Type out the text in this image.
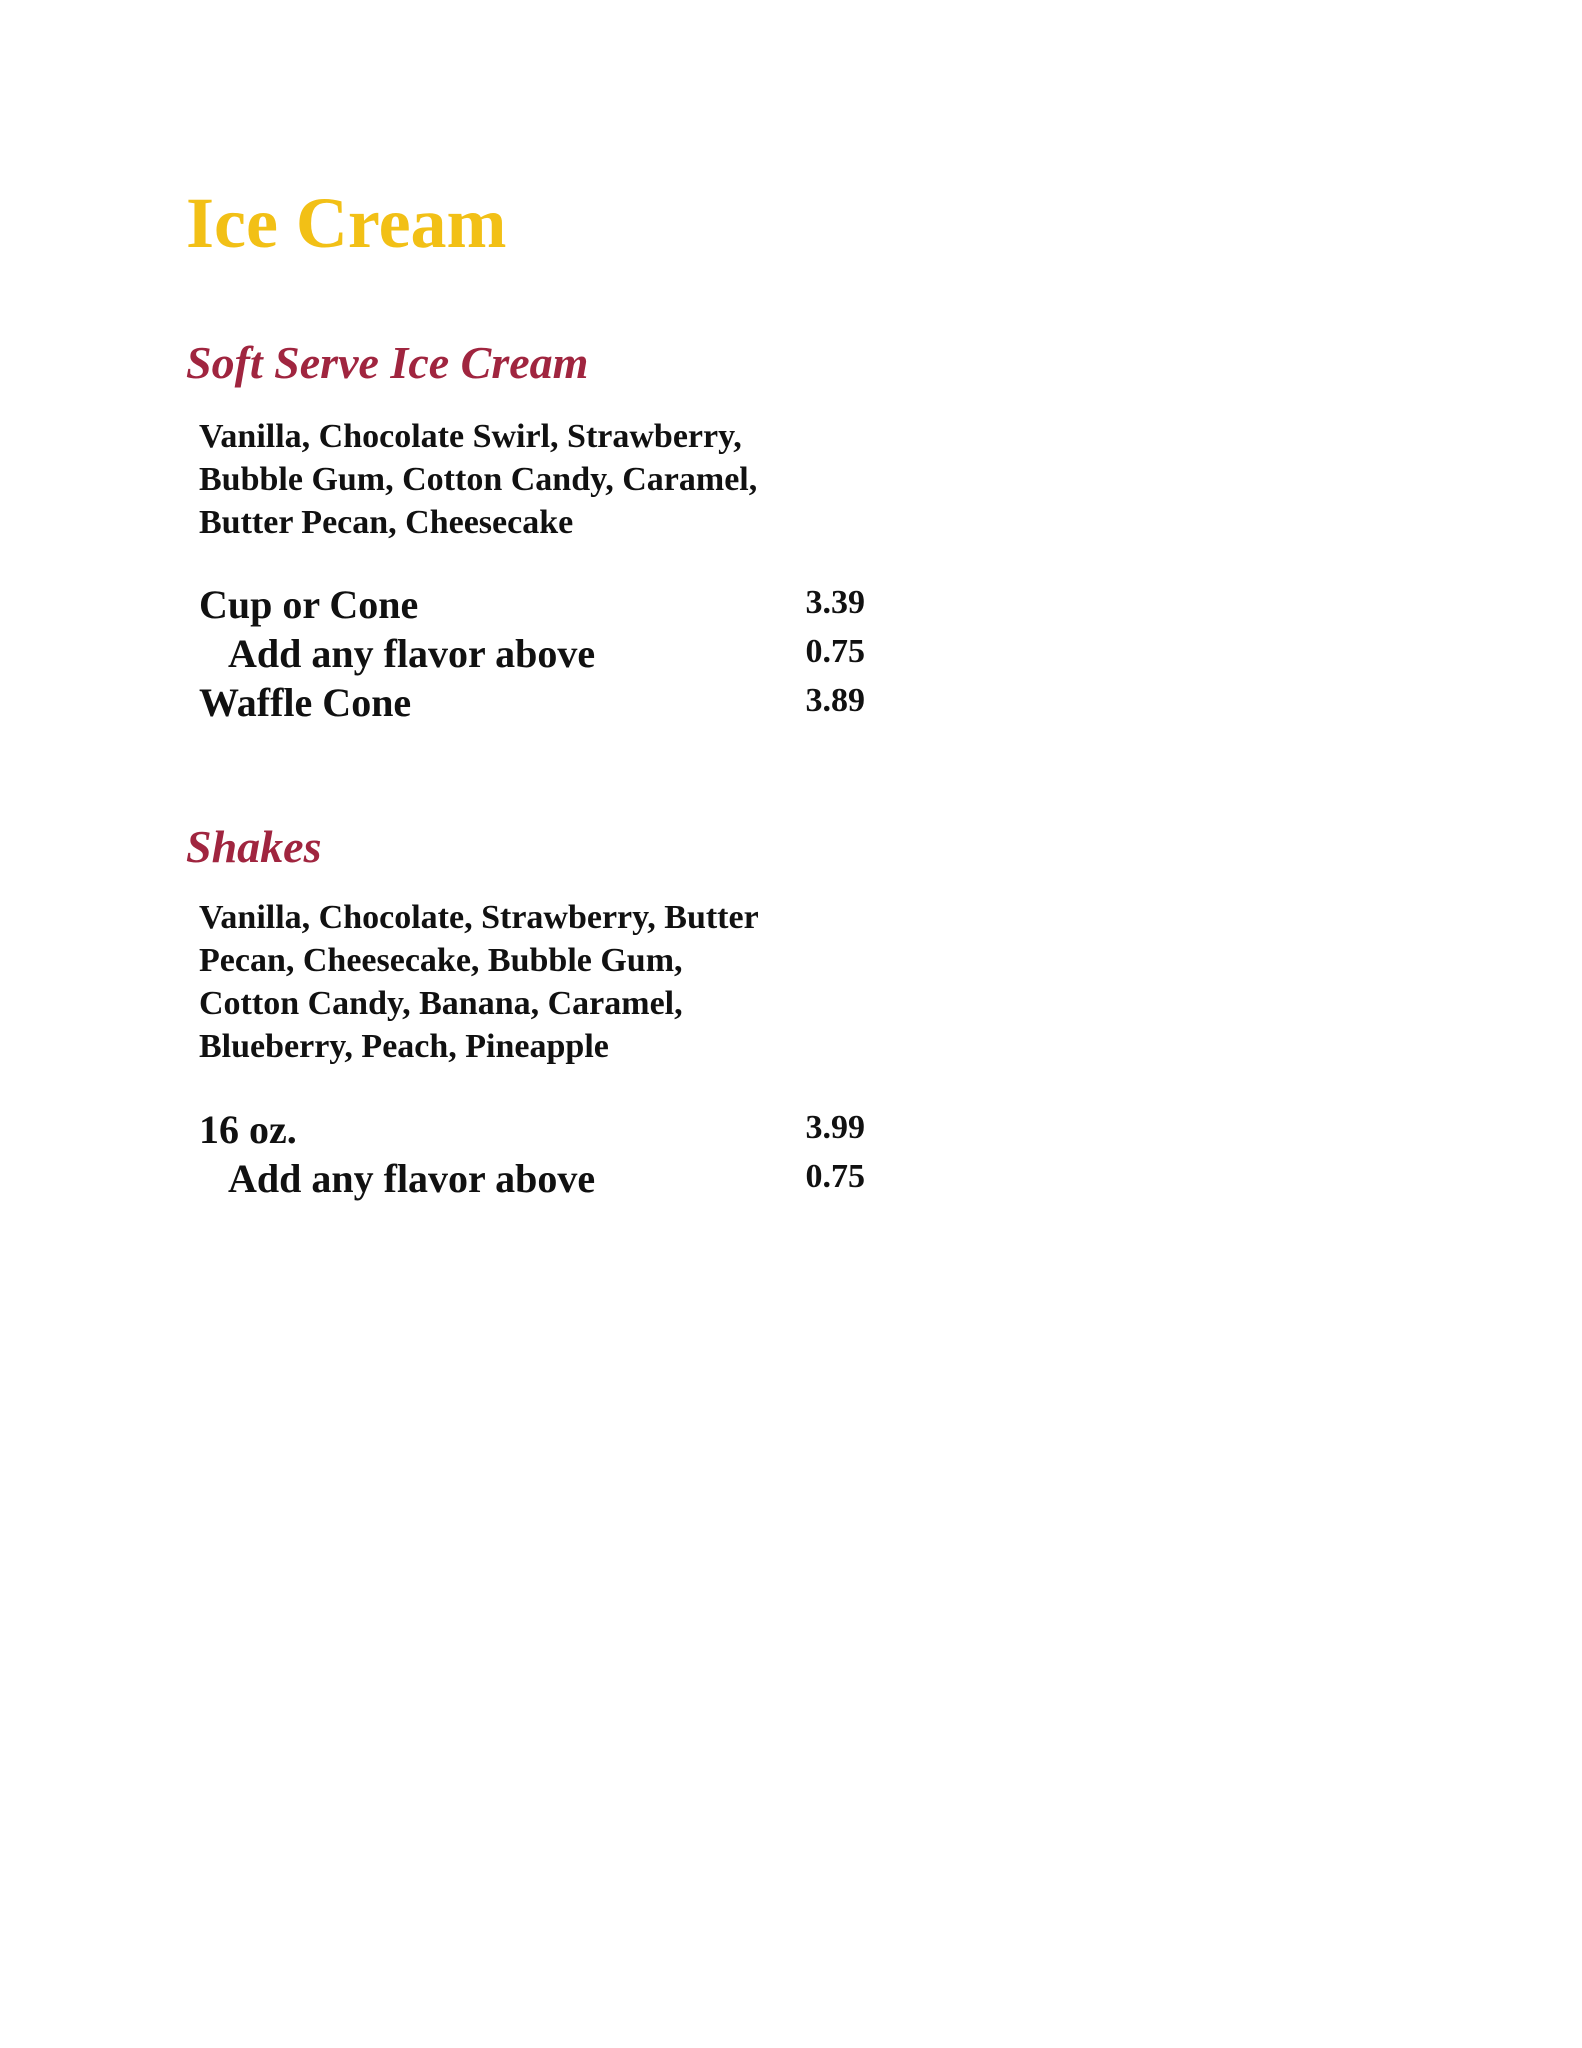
Ice Cream
Soft Serve Ice Cream

Vanilla, Chocolate Swirl, Strawberry,
Bubble Gum, Cotton Candy, Caramel,
Butter Pecan, Cheesecake

Cup or Cone	3.39
Add any flavor above	0.75
Waffle Cone	3.89
Shakes

Vanilla, Chocolate, Strawberry, Butter
Pecan, Cheesecake, Bubble Gum,
Cotton Candy, Banana, Caramel,
Blueberry, Peach, Pineapple

16 oz.	3.99
Add any flavor above	0.75
